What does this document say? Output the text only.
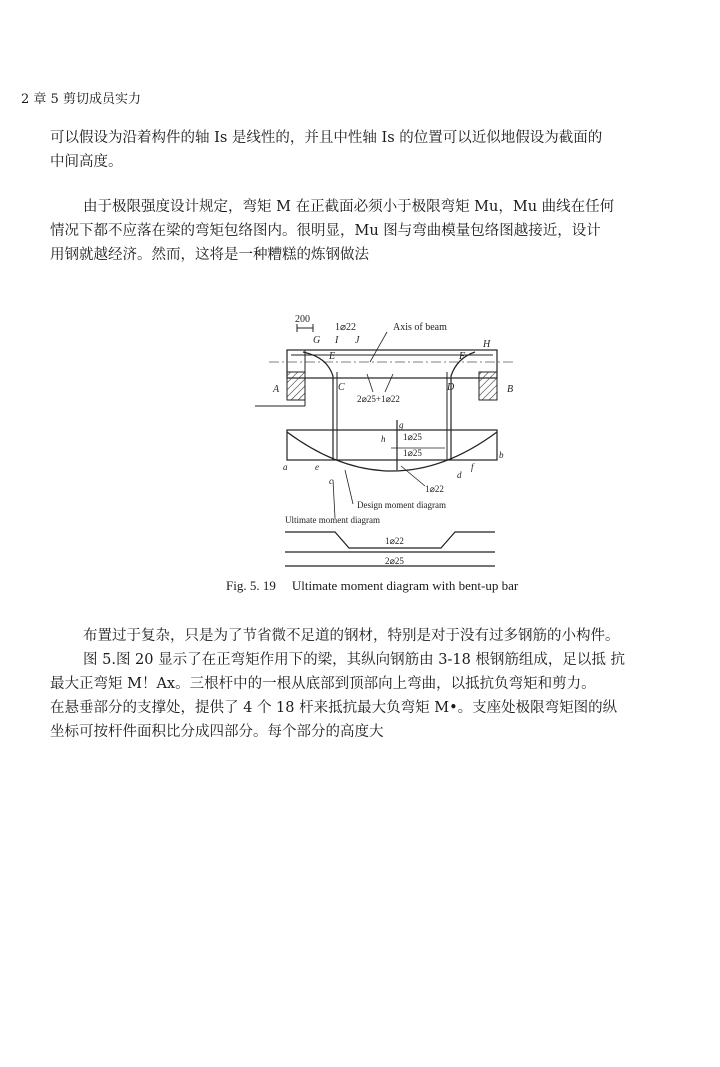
2 章 5 剪切成员实力

可以假设为沿着构件的轴 Is 是线性的，并且中性轴 Is 的位置可以近似地假设为截面的
中间高度。

由于极限强度设计规定，弯矩 M 在正截面必须小于极限弯矩 Mu，Mu 曲线在任何
情况下都不应落在梁的弯矩包络图内。很明显，Mu 图与弯曲模量包络图越接近，设计
用钢就越经济。然而，这将是一种糟糕的炼钢做法

200
1⌀22	Axis of beam
G I J	H
E	F
A	B
C	D
2⌀25+1⌀22
g
h 1⌀25
1⌀25
a
b
c
d
e	f
1⌀22
Design moment diagram
Ultimate moment diagram
1⌀22
2⌀25
Fig. 5. 19 Ultimate moment diagram with bent-up bar

布置过于复杂，只是为了节省微不足道的钢材，特别是对于没有过多钢筋的小构件。
图 5.图 20 显示了在正弯矩作用下的梁，其纵向钢筋由 3-18 根钢筋组成，足以抵 抗
最大正弯矩 M！Ax。三根杆中的一根从底部到顶部向上弯曲，以抵抗负弯矩和剪力。
在悬垂部分的支撑处，提供了 4 个 18 杆来抵抗最大负弯矩 M•。支座处极限弯矩图的纵
坐标可按杆件面积比分成四部分。每个部分的高度大
